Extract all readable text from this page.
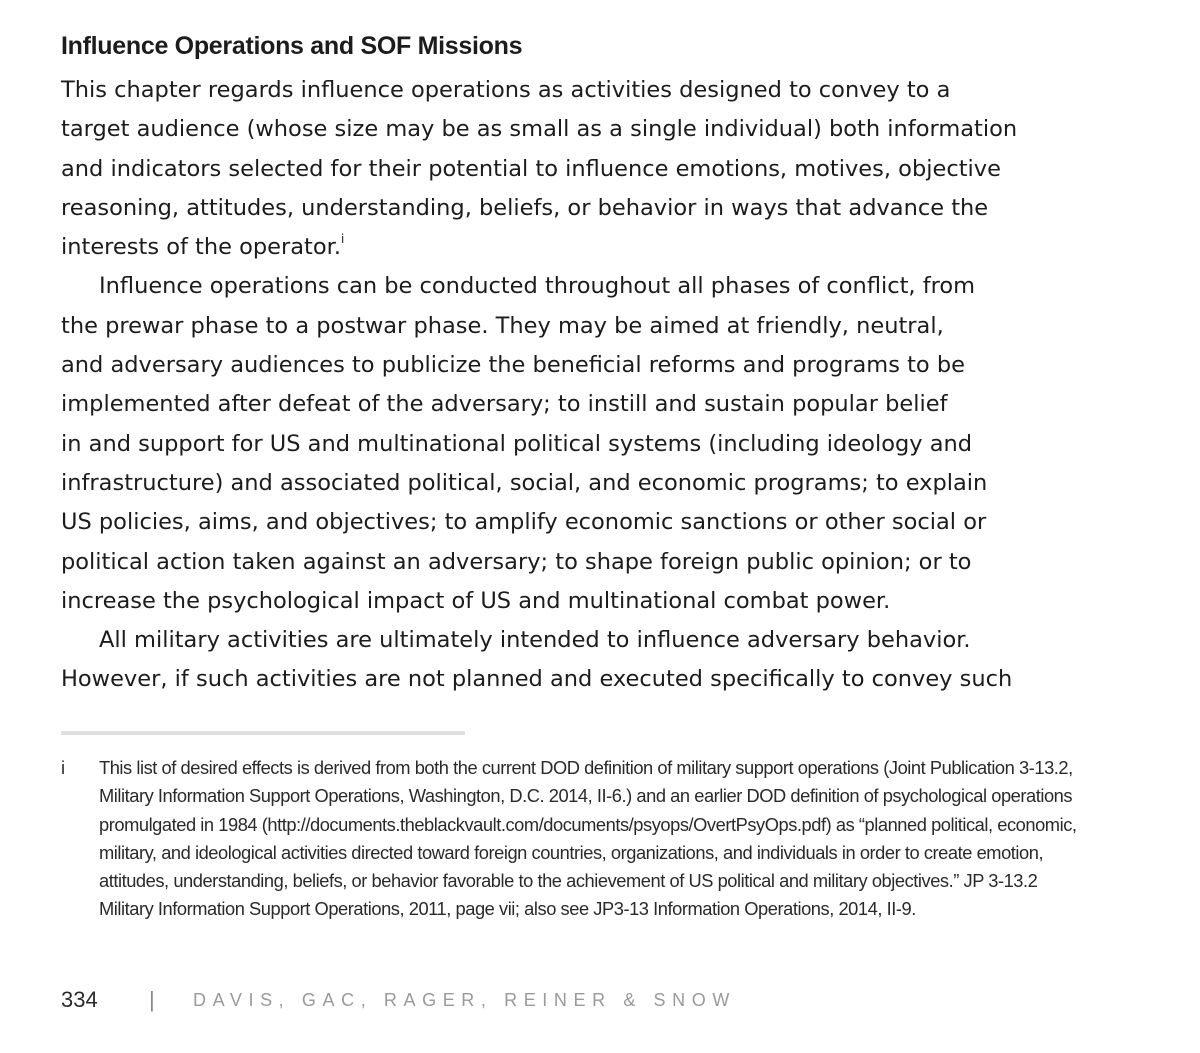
Influence Operations and SOF Missions
This chapter regards influence operations as activities designed to convey to a
target audience (whose size may be as small as a single individual) both information
and indicators selected for their potential to influence emotions, motives, objective
reasoning, attitudes, understanding, beliefs, or behavior in ways that advance the
interests of the operator.$^i$
Influence operations can be conducted throughout all phases of conflict, from
the prewar phase to a postwar phase. They may be aimed at friendly, neutral,
and adversary audiences to publicize the beneficial reforms and programs to be
implemented after defeat of the adversary; to instill and sustain popular belief
in and support for US and multinational political systems (including ideology and
infrastructure) and associated political, social, and economic programs; to explain
US policies, aims, and objectives; to amplify economic sanctions or other social or
political action taken against an adversary; to shape foreign public opinion; or to
increase the psychological impact of US and multinational combat power.
All military activities are ultimately intended to influence adversary behavior.
However, if such activities are not planned and executed specifically to convey such
i This list of desired effects is derived from both the current DOD definition of military support operations (Joint Publication 3-13.2,
Military Information Support Operations, Washington, D.C. 2014, II-6.) and an earlier DOD definition of psychological operations
promulgated in 1984 (http://documents.theblackvault.com/documents/psyops/OvertPsyOps.pdf) as “planned political, economic,
military, and ideological activities directed toward foreign countries, organizations, and individuals in order to create emotion,
attitudes, understanding, beliefs, or behavior favorable to the achievement of US political and military objectives.” JP 3-13.2
Military Information Support Operations, 2011, page vii; also see JP3-13 Information Operations, 2014, II-9.
334 | DAVIS, GAC, RAGER, REINER & SNOW
